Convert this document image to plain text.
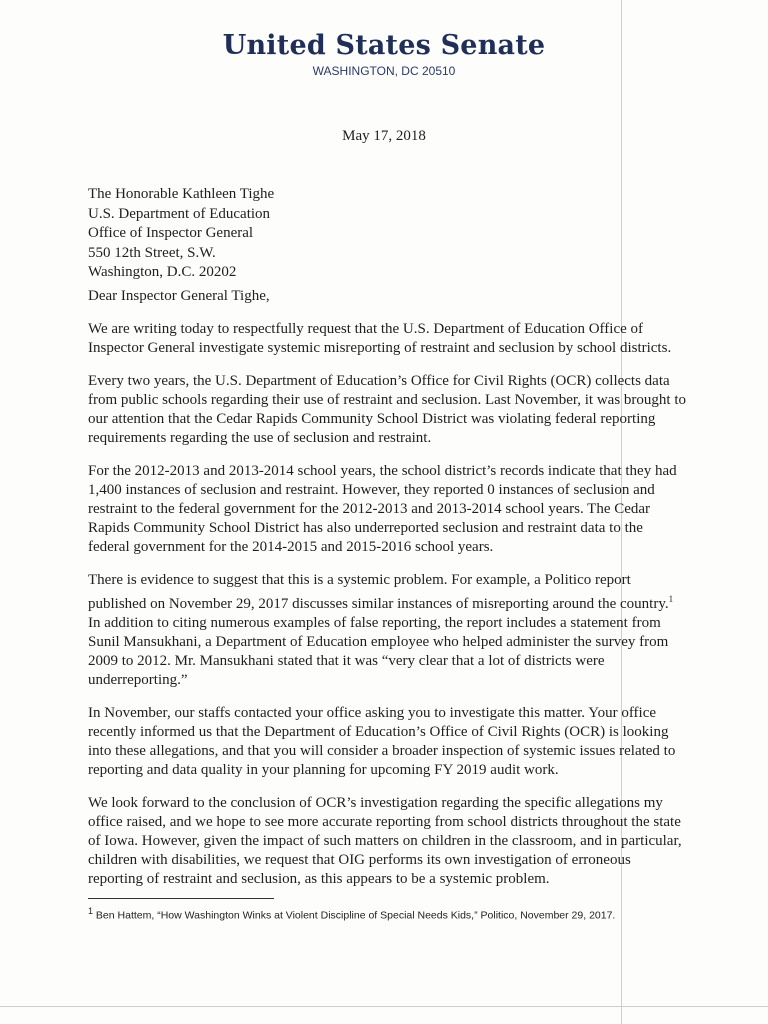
United States Senate
WASHINGTON, DC 20510
May 17, 2018
The Honorable Kathleen Tighe
U.S. Department of Education
Office of Inspector General
550 12th Street, S.W.
Washington, D.C. 20202
Dear Inspector General Tighe,

We are writing today to respectfully request that the U.S. Department of Education Office of Inspector General investigate systemic misreporting of restraint and seclusion by school districts.

Every two years, the U.S. Department of Education’s Office for Civil Rights (OCR) collects data from public schools regarding their use of restraint and seclusion. Last November, it was brought to our attention that the Cedar Rapids Community School District was violating federal reporting requirements regarding the use of seclusion and restraint.

For the 2012-2013 and 2013-2014 school years, the school district’s records indicate that they had 1,400 instances of seclusion and restraint. However, they reported 0 instances of seclusion and restraint to the federal government for the 2012-2013 and 2013-2014 school years. The Cedar Rapids Community School District has also underreported seclusion and restraint data to the federal government for the 2014-2015 and 2015-2016 school years.

There is evidence to suggest that this is a systemic problem. For example, a Politico report published on November 29, 2017 discusses similar instances of misreporting around the country.$^1$ In addition to citing numerous examples of false reporting, the report includes a statement from Sunil Mansukhani, a Department of Education employee who helped administer the survey from 2009 to 2012. Mr. Mansukhani stated that it was “very clear that a lot of districts were underreporting.”

In November, our staffs contacted your office asking you to investigate this matter. Your office recently informed us that the Department of Education’s Office of Civil Rights (OCR) is looking into these allegations, and that you will consider a broader inspection of systemic issues related to reporting and data quality in your planning for upcoming FY 2019 audit work.

We look forward to the conclusion of OCR’s investigation regarding the specific allegations my office raised, and we hope to see more accurate reporting from school districts throughout the state of Iowa. However, given the impact of such matters on children in the classroom, and in particular, children with disabilities, we request that OIG performs its own investigation of erroneous reporting of restraint and seclusion, as this appears to be a systemic problem.

$^1$ Ben Hattem, “How Washington Winks at Violent Discipline of Special Needs Kids,” Politico, November 29, 2017.
